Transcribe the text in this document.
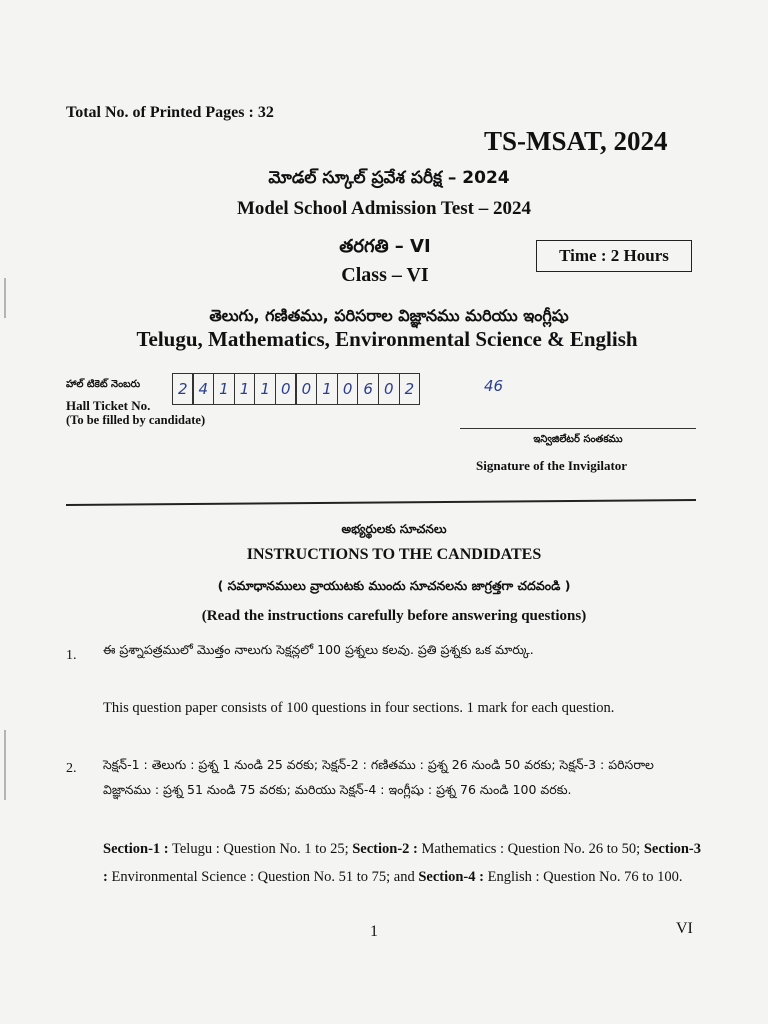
Total No. of Printed Pages : 32
TS-MSAT, 2024
మోడల్ స్కూల్ ప్రవేశ పరీక్ష – 2024
Model School Admission Test – 2024
తరగతి – VI
Class – VI
Time : 2 Hours
తెలుగు, గణితము, పరిసరాల విజ్ఞానము మరియు ఇంగ్లీషు
Telugu, Mathematics, Environmental Science & English
హాల్ టికెట్ నెంబరు
Hall Ticket No.
(To be filled by candidate)
2 4 1 1 1 0 0 1 0 6 0 2	46
ఇన్విజిలేటర్ సంతకము
Signature of the Invigilator
అభ్యర్థులకు సూచనలు
INSTRUCTIONS TO THE CANDIDATES
( సమాధానములు వ్రాయుటకు ముందు సూచనలను జాగ్రత్తగా చదవండి )
(Read the instructions carefully before answering questions)
1. ఈ ప్రశ్నాపత్రములో మొత్తం నాలుగు సెక్షన్లలో 100 ప్రశ్నలు కలవు. ప్రతి ప్రశ్నకు ఒక మార్కు.
This question paper consists of 100 questions in four sections. 1 mark for each question.
2. సెక్షన్-1 : తెలుగు : ప్రశ్న 1 నుండి 25 వరకు; సెక్షన్-2 : గణితము : ప్రశ్న 26 నుండి 50 వరకు; సెక్షన్-3 : పరిసరాల విజ్ఞానము : ప్రశ్న 51 నుండి 75 వరకు; మరియు సెక్షన్-4 : ఇంగ్లీషు : ప్రశ్న 76 నుండి 100 వరకు.
Section-1 : Telugu : Question No. 1 to 25; Section-2 : Mathematics : Question No. 26 to 50; Section-3 : Environmental Science : Question No. 51 to 75; and Section-4 : English : Question No. 76 to 100.
1	VI
